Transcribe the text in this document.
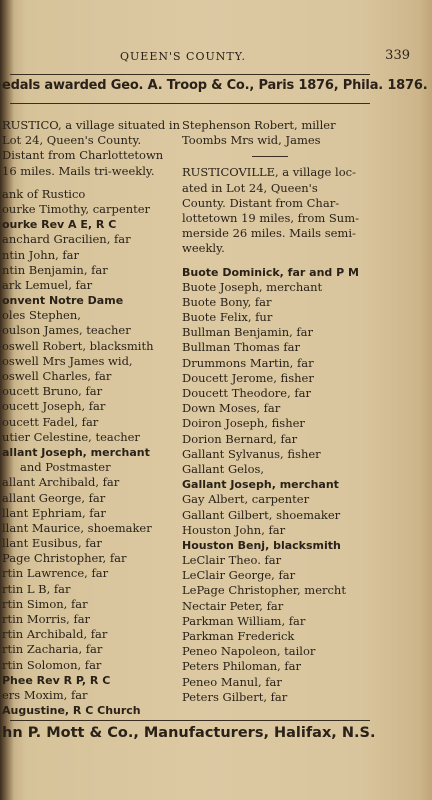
QUEEN'S COUNTY.	339
edals awarded Geo. A. Troop & Co., Paris 1876, Phila. 1876.
RUSTICO, a village situated in
Lot 24, Queen's County.
Distant from Charlottetown
16 miles. Mails tri-weekly.
ank of Rustico
ourke Timothy, carpenter
ourke Rev A E, R C
anchard Gracilien, far
ntin John, far
ntin Benjamin, far
ark Lemuel, far
onvent Notre Dame
oles Stephen,
oulson James, teacher
oswell Robert, blacksmith
oswell Mrs James wid,
oswell Charles, far
oucett Bruno, far
oucett Joseph, far
oucett Fadel, far
utier Celestine, teacher
allant Joseph, merchant
and Postmaster
allant Archibald, far
allant George, far
llant Ephriam, far
llant Maurice, shoemaker
llant Eusibus, far
Page Christopher, far
rtin Lawrence, far
rtin L B, far
rtin Simon, far
rtin Morris, far
rtin Archibald, far
rtin Zacharia, far
rtin Solomon, far
Phee Rev R P, R C
ers Moxim, far
Augustine, R C Church
Stephenson Robert, miller
Toombs Mrs wid, James
RUSTICOVILLE, a village loc-
ated in Lot 24, Queen's
County. Distant from Char-
lottetown 19 miles, from Sum-
merside 26 miles. Mails semi-
weekly.
Buote Dominick, far and P M
Buote Joseph, merchant
Buote Bony, far
Buote Felix, fur
Bullman Benjamin, far
Bullman Thomas far
Drummons Martin, far
Doucett Jerome, fisher
Doucett Theodore, far
Down Moses, far
Doiron Joseph, fisher
Dorion Bernard, far
Gallant Sylvanus, fisher
Gallant Gelos,
Gallant Joseph, merchant
Gay Albert, carpenter
Gallant Gilbert, shoemaker
Houston John, far
Houston Benj, blacksmith
LeClair Theo. far
LeClair George, far
LePage Christopher, mercht
Nectair Peter, far
Parkman William, far
Parkman Frederick
Peneo Napoleon, tailor
Peters Philoman, far
Peneo Manul, far
Peters Gilbert, far
hn P. Mott & Co., Manufacturers, Halifax, N.S.
